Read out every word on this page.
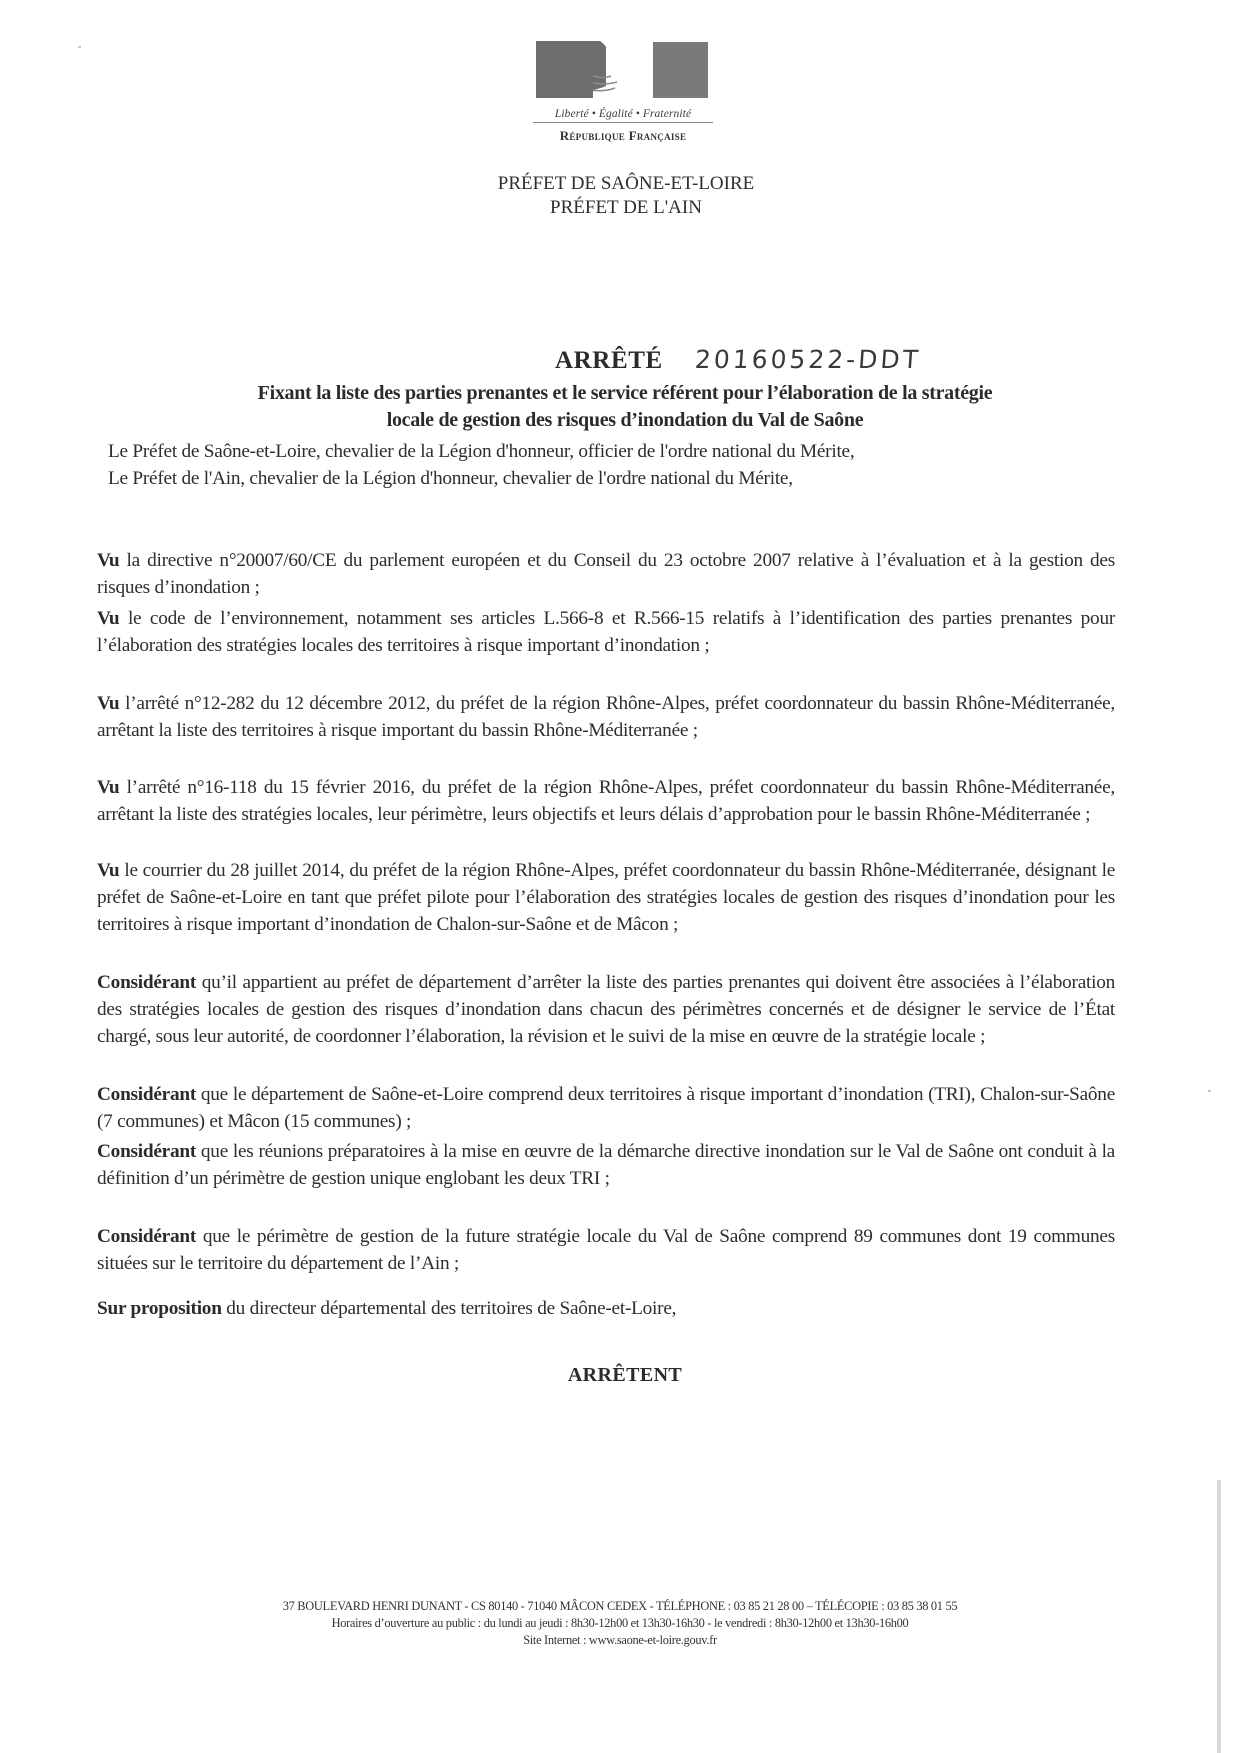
Liberté • Égalité • Fraternité
République Française
PRÉFET DE SAÔNE-ET-LOIRE
PRÉFET DE L'AIN
ARRÊTÉ 20160522-DDT
Fixant la liste des parties prenantes et le service référent pour l’élaboration de la stratégie
locale de gestion des risques d’inondation du Val de Saône
Le Préfet de Saône-et-Loire, chevalier de la Légion d'honneur, officier de l'ordre national du Mérite,
Le Préfet de l'Ain, chevalier de la Légion d'honneur, chevalier de l'ordre national du Mérite,
Vu la directive n°20007/60/CE du parlement européen et du Conseil du 23 octobre 2007 relative à l’évaluation et à la gestion des risques d’inondation ;
Vu le code de l’environnement, notamment ses articles L.566-8 et R.566-15 relatifs à l’identification des parties prenantes pour l’élaboration des stratégies locales des territoires à risque important d’inondation ;
Vu l’arrêté n°12-282 du 12 décembre 2012, du préfet de la région Rhône-Alpes, préfet coordonnateur du bassin Rhône-Méditerranée, arrêtant la liste des territoires à risque important du bassin Rhône-Méditerranée ;
Vu l’arrêté n°16-118 du 15 février 2016, du préfet de la région Rhône-Alpes, préfet coordonnateur du bassin Rhône-Méditerranée, arrêtant la liste des stratégies locales, leur périmètre, leurs objectifs et leurs délais d’approbation pour le bassin Rhône-Méditerranée ;
Vu le courrier du 28 juillet 2014, du préfet de la région Rhône-Alpes, préfet coordonnateur du bassin Rhône-Méditerranée, désignant le préfet de Saône-et-Loire en tant que préfet pilote pour l’élaboration des stratégies locales de gestion des risques d’inondation pour les territoires à risque important d’inondation de Chalon-sur-Saône et de Mâcon ;
Considérant qu’il appartient au préfet de département d’arrêter la liste des parties prenantes qui doivent être associées à l’élaboration des stratégies locales de gestion des risques d’inondation dans chacun des périmètres concernés et de désigner le service de l’État chargé, sous leur autorité, de coordonner l’élaboration, la révision et le suivi de la mise en œuvre de la stratégie locale ;
Considérant que le département de Saône-et-Loire comprend deux territoires à risque important d’inondation (TRI), Chalon-sur-Saône (7 communes) et Mâcon (15 communes) ;
Considérant que les réunions préparatoires à la mise en œuvre de la démarche directive inondation sur le Val de Saône ont conduit à la définition d’un périmètre de gestion unique englobant les deux TRI ;
Considérant que le périmètre de gestion de la future stratégie locale du Val de Saône comprend 89 communes dont 19 communes situées sur le territoire du département de l’Ain ;
Sur proposition du directeur départemental des territoires de Saône-et-Loire,
ARRÊTENT
37 BOULEVARD HENRI DUNANT - CS 80140 - 71040 MÂCON CEDEX - TÉLÉPHONE : 03 85 21 28 00 – TÉLÉCOPIE : 03 85 38 01 55
Horaires d’ouverture au public : du lundi au jeudi : 8h30-12h00 et 13h30-16h30 - le vendredi : 8h30-12h00 et 13h30-16h00
Site Internet : www.saone-et-loire.gouv.fr
